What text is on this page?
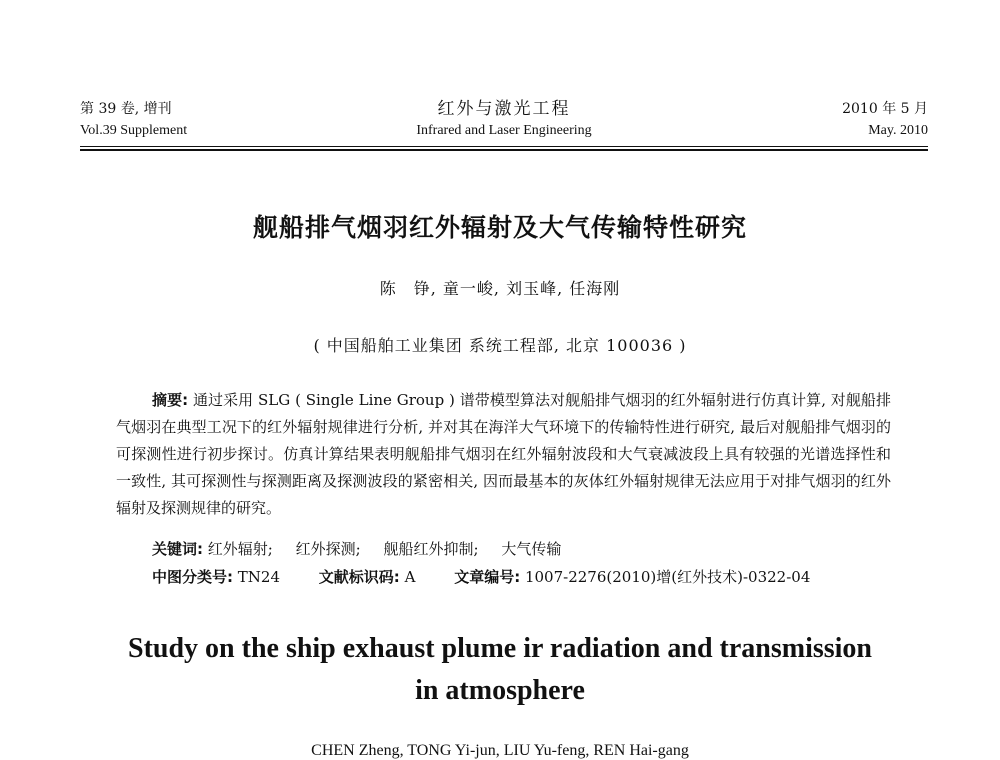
第 39 卷, 增刊
Vol.39 Supplement
红外与激光工程
Infrared and Laser Engineering
2010 年 5 月
May. 2010
舰船排气烟羽红外辐射及大气传输特性研究
陈　铮, 童一峻, 刘玉峰, 任海刚
( 中国船舶工业集团 系统工程部, 北京 100036 )
摘要: 通过采用 SLG ( Single Line Group ) 谱带模型算法对舰船排气烟羽的红外辐射进行仿真计算, 对舰船排气烟羽在典型工况下的红外辐射规律进行分析, 并对其在海洋大气环境下的传输特性进行研究, 最后对舰船排气烟羽的可探测性进行初步探讨。仿真计算结果表明舰船排气烟羽在红外辐射波段和大气衰减波段上具有较强的光谱选择性和一致性, 其可探测性与探测距离及探测波段的紧密相关, 因而最基本的灰体红外辐射规律无法应用于对排气烟羽的红外辐射及探测规律的研究。
关键词: 红外辐射; 红外探测; 舰船红外抑制; 大气传输
中图分类号: TN24	文献标识码: A	文章编号: 1007-2276(2010)增(红外技术)-0322-04
Study on the ship exhaust plume ir radiation and transmission
in atmosphere
CHEN Zheng, TONG Yi-jun, LIU Yu-feng, REN Hai-gang
